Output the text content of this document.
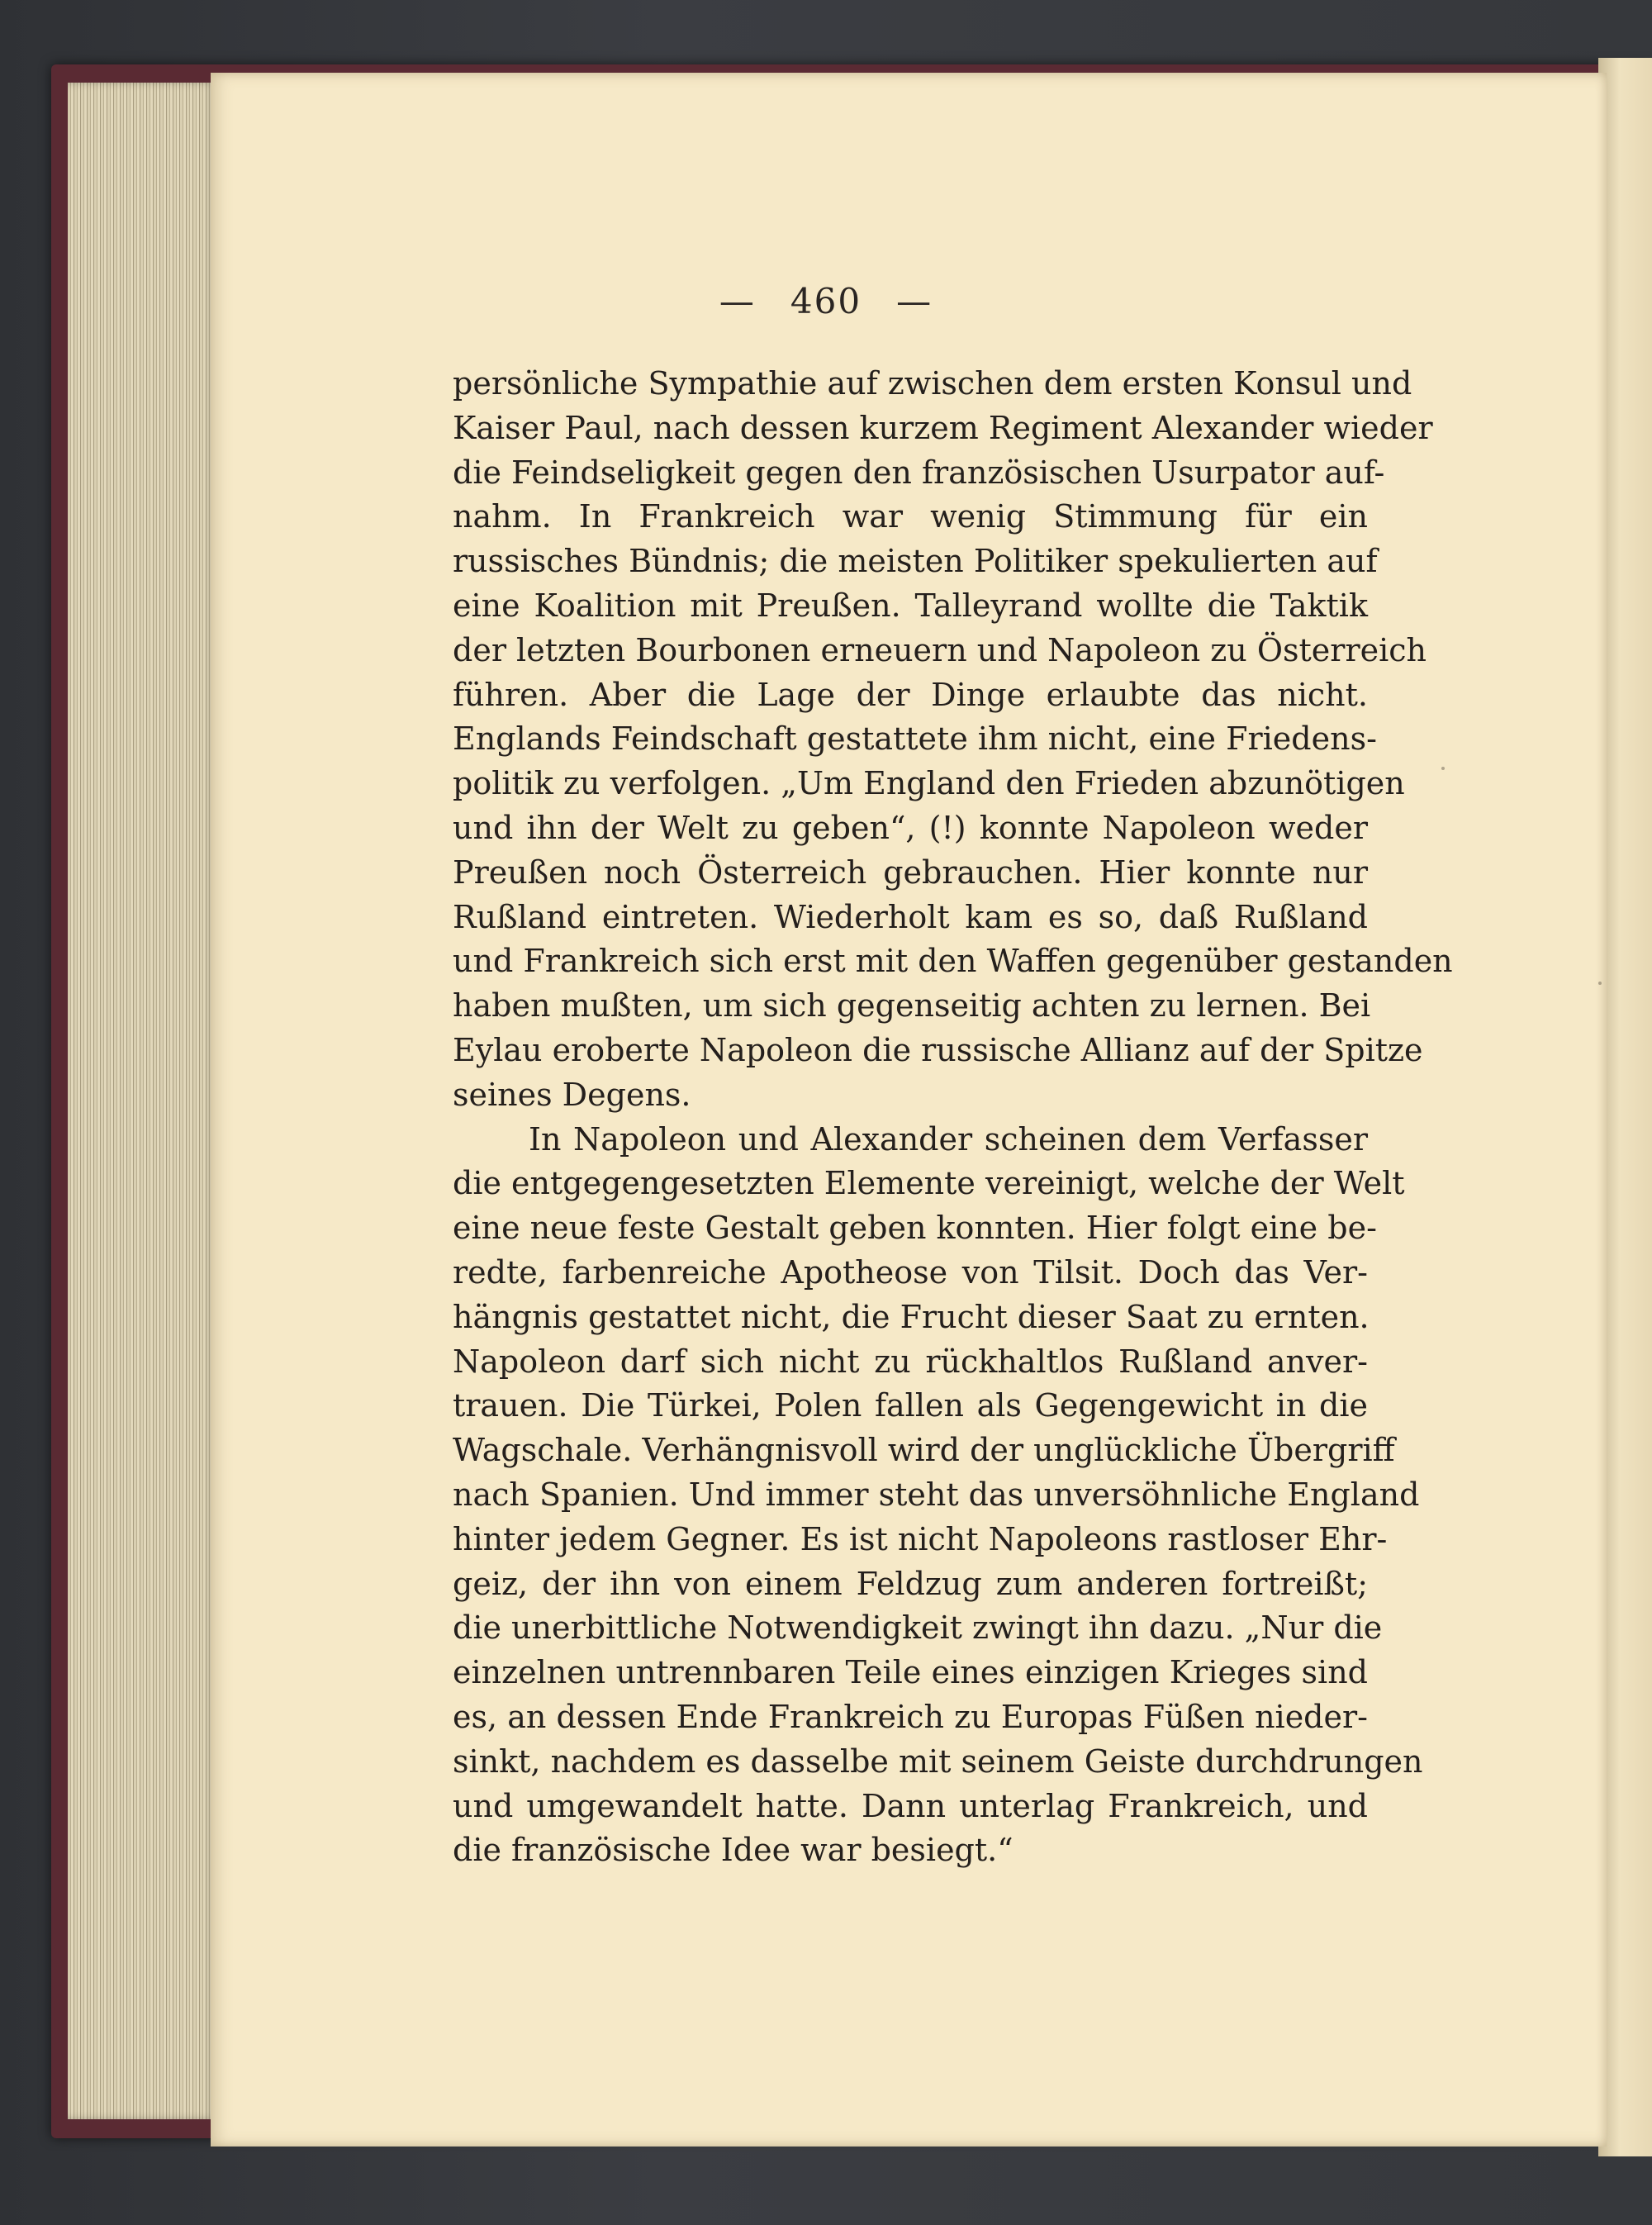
— 460 —
persönliche Sympathie auf zwischen dem ersten Konsul und
Kaiser Paul, nach dessen kurzem Regiment Alexander wieder
die Feindseligkeit gegen den französischen Usurpator auf-
nahm. In Frankreich war wenig Stimmung für ein
russisches Bündnis; die meisten Politiker spekulierten auf
eine Koalition mit Preußen. Talleyrand wollte die Taktik
der letzten Bourbonen erneuern und Napoleon zu Österreich
führen. Aber die Lage der Dinge erlaubte das nicht.
Englands Feindschaft gestattete ihm nicht, eine Friedens-
politik zu verfolgen. „Um England den Frieden abzunötigen
und ihn der Welt zu geben“, (!) konnte Napoleon weder
Preußen noch Österreich gebrauchen. Hier konnte nur
Rußland eintreten. Wiederholt kam es so, daß Rußland
und Frankreich sich erst mit den Waffen gegenüber gestanden
haben mußten, um sich gegenseitig achten zu lernen. Bei
Eylau eroberte Napoleon die russische Allianz auf der Spitze
seines Degens.
In Napoleon und Alexander scheinen dem Verfasser
die entgegengesetzten Elemente vereinigt, welche der Welt
eine neue feste Gestalt geben konnten. Hier folgt eine be-
redte, farbenreiche Apotheose von Tilsit. Doch das Ver-
hängnis gestattet nicht, die Frucht dieser Saat zu ernten.
Napoleon darf sich nicht zu rückhaltlos Rußland anver-
trauen. Die Türkei, Polen fallen als Gegengewicht in die
Wagschale. Verhängnisvoll wird der unglückliche Übergriff
nach Spanien. Und immer steht das unversöhnliche England
hinter jedem Gegner. Es ist nicht Napoleons rastloser Ehr-
geiz, der ihn von einem Feldzug zum anderen fortreißt;
die unerbittliche Notwendigkeit zwingt ihn dazu. „Nur die
einzelnen untrennbaren Teile eines einzigen Krieges sind
es, an dessen Ende Frankreich zu Europas Füßen nieder-
sinkt, nachdem es dasselbe mit seinem Geiste durchdrungen
und umgewandelt hatte. Dann unterlag Frankreich, und
die französische Idee war besiegt.“
